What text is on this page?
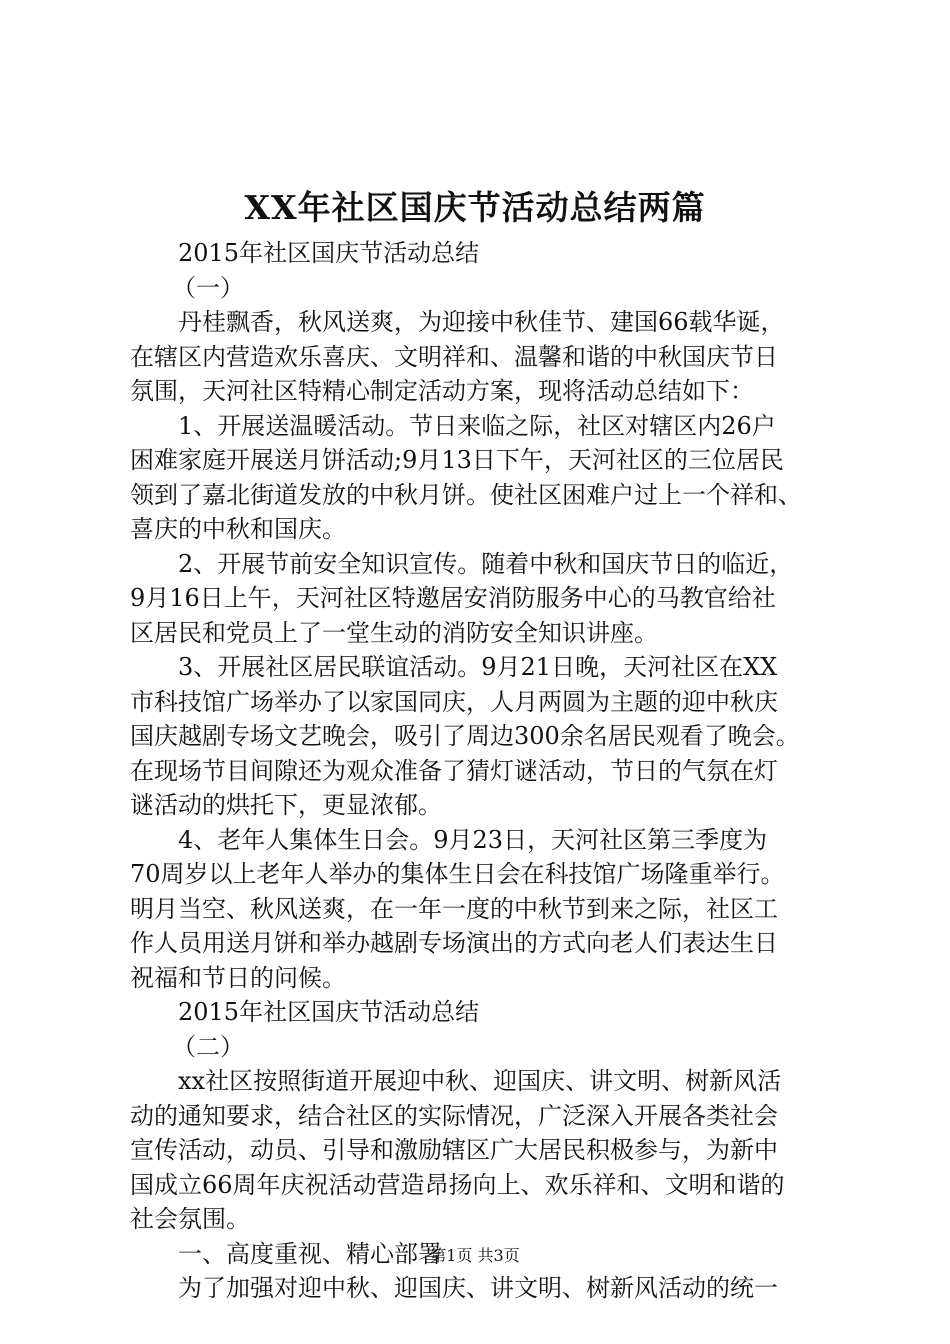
XX年社区国庆节活动总结两篇
2015年社区国庆节活动总结
（一）
丹桂飘香，秋风送爽，为迎接中秋佳节、建国66载华诞，
在辖区内营造欢乐喜庆、文明祥和、温馨和谐的中秋国庆节日
氛围，天河社区特精心制定活动方案，现将活动总结如下：
1、开展送温暖活动。节日来临之际，社区对辖区内26户
困难家庭开展送月饼活动;9月13日下午，天河社区的三位居民
领到了嘉北街道发放的中秋月饼。使社区困难户过上一个祥和、
喜庆的中秋和国庆。
2、开展节前安全知识宣传。随着中秋和国庆节日的临近，
9月16日上午，天河社区特邀居安消防服务中心的马教官给社
区居民和党员上了一堂生动的消防安全知识讲座。
3、开展社区居民联谊活动。9月21日晚，天河社区在XX
市科技馆广场举办了以家国同庆，人月两圆为主题的迎中秋庆
国庆越剧专场文艺晚会，吸引了周边300余名居民观看了晚会。
在现场节目间隙还为观众准备了猜灯谜活动，节日的气氛在灯
谜活动的烘托下，更显浓郁。
4、老年人集体生日会。9月23日，天河社区第三季度为
70周岁以上老年人举办的集体生日会在科技馆广场隆重举行。
明月当空、秋风送爽，在一年一度的中秋节到来之际，社区工
作人员用送月饼和举办越剧专场演出的方式向老人们表达生日
祝福和节日的问候。
2015年社区国庆节活动总结
（二）
xx社区按照街道开展迎中秋、迎国庆、讲文明、树新风活
动的通知要求，结合社区的实际情况，广泛深入开展各类社会
宣传活动，动员、引导和激励辖区广大居民积极参与，为新中
国成立66周年庆祝活动营造昂扬向上、欢乐祥和、文明和谐的
社会氛围。
一、高度重视、精心部署
为了加强对迎中秋、迎国庆、讲文明、树新风活动的统一
第1页 共3页
